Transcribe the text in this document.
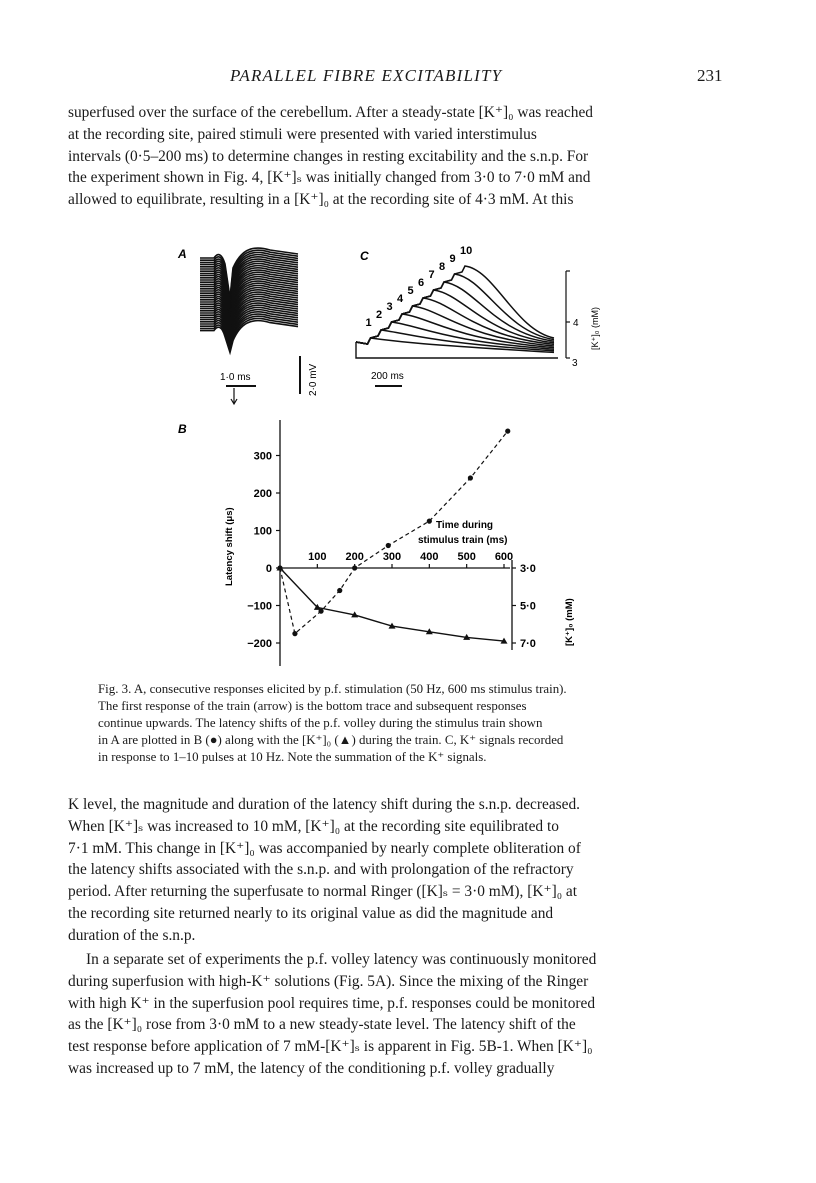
PARALLEL FIBRE EXCITABILITY	231

superfused over the surface of the cerebellum. After a steady-state [K⁺]₀ was reached

at the recording site, paired stimuli were presented with varied interstimulus

intervals (0·5–200 ms) to determine changes in resting excitability and the s.n.p. For

the experiment shown in Fig. 4, [K⁺]ₛ was initially changed from 3·0 to 7·0 mM and

allowed to equilibrate, resulting in a [K⁺]₀ at the recording site of 4·3 mM. At this

A
1·0 ms	2·0 mV
C
1
2
3
4
5
6
7
8
9
10
200 ms
4
3
[K⁺]₀ (mM)
B
Latency shift (μs)
−200
−100
0
100
200
300
100 200 300 400 500 600
3·0
5·0
7·0
Time during
stimulus train (ms)
[K⁺]₀ (mM)

Fig. 3. A, consecutive responses elicited by p.f. stimulation (50 Hz, 600 ms stimulus train).

The first response of the train (arrow) is the bottom trace and subsequent responses

continue upwards. The latency shifts of the p.f. volley during the stimulus train shown

in A are plotted in B (●) along with the [K⁺]₀ (▲) during the train. C, K⁺ signals recorded

in response to 1–10 pulses at 10 Hz. Note the summation of the K⁺ signals.

K level, the magnitude and duration of the latency shift during the s.n.p. decreased.

When [K⁺]ₛ was increased to 10 mM, [K⁺]₀ at the recording site equilibrated to

7·1 mM. This change in [K⁺]₀ was accompanied by nearly complete obliteration of

the latency shifts associated with the s.n.p. and with prolongation of the refractory

period. After returning the superfusate to normal Ringer ([K]ₛ = 3·0 mM), [K⁺]₀ at

the recording site returned nearly to its original value as did the magnitude and

duration of the s.n.p.

In a separate set of experiments the p.f. volley latency was continuously monitored

during superfusion with high-K⁺ solutions (Fig. 5A). Since the mixing of the Ringer

with high K⁺ in the superfusion pool requires time, p.f. responses could be monitored

as the [K⁺]₀ rose from 3·0 mM to a new steady-state level. The latency shift of the

test response before application of 7 mM-[K⁺]ₛ is apparent in Fig. 5B-1. When [K⁺]₀

was increased up to 7 mM, the latency of the conditioning p.f. volley gradually
